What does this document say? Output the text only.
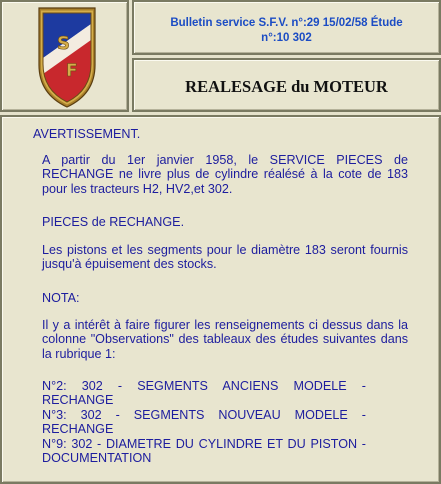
S
F
Bulletin service S.F.V. n°:29 15/02/58 Étude
n°:10 302
REALESAGE du MOTEUR

AVERTISSEMENT.

A partir du 1er janvier 1958, le SERVICE PIECES de RECHANGE ne livre plus de cylindre réalésé à la cote de 183 pour les tracteurs H2, HV2,et 302.

PIECES de RECHANGE.

Les pistons et les segments pour le diamètre 183 seront fournis jusqu'à épuisement des stocks.

NOTA:

Il y a intérêt à faire figurer les renseignements ci dessus dans la colonne "Observations" des tableaux des études suivantes dans la rubrique 1:

N°2: 302 - SEGMENTS ANCIENS MODELE - RECHANGE
N°3: 302 - SEGMENTS NOUVEAU MODELE - RECHANGE
N°9: 302 - DIAMETRE DU CYLINDRE ET DU PISTON - DOCUMENTATION
